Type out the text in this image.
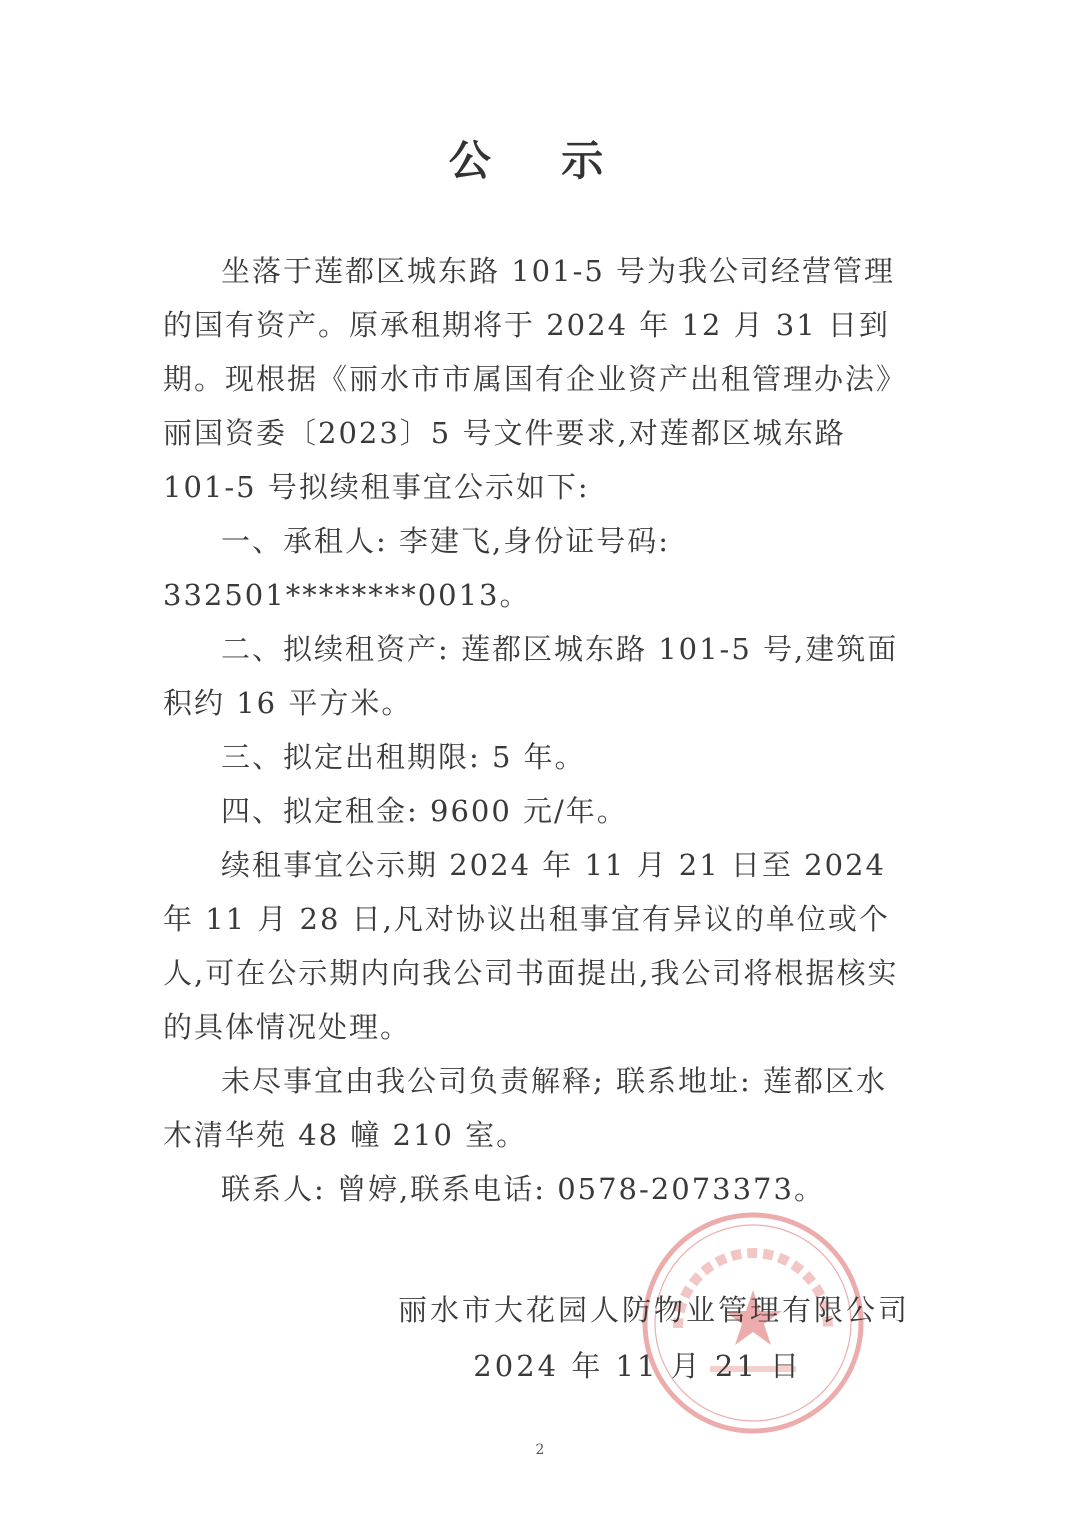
公 示

坐落于莲都区城东路 101-5 号为我公司经营管理的国有资产。原承租期将于 2024 年 12 月 31 日到期。现根据《丽水市市属国有企业资产出租管理办法》丽国资委〔2023〕5 号文件要求,对莲都区城东路 101-5 号拟续租事宜公示如下:

一、承租人: 李建飞,身份证号码: 332501********0013。

二、拟续租资产: 莲都区城东路 101-5 号,建筑面积约 16 平方米。

三、拟定出租期限: 5 年。

四、拟定租金: 9600 元/年。

续租事宜公示期 2024 年 11 月 21 日至 2024 年 11 月 28 日,凡对协议出租事宜有异议的单位或个人,可在公示期内向我公司书面提出,我公司将根据核实的具体情况处理。

未尽事宜由我公司负责解释; 联系地址: 莲都区水木清华苑 48 幢 210 室。

联系人: 曾婷,联系电话: 0578-2073373。

丽水市大花园人防物业管理有限公司
2024 年 11 月 21 日
2
